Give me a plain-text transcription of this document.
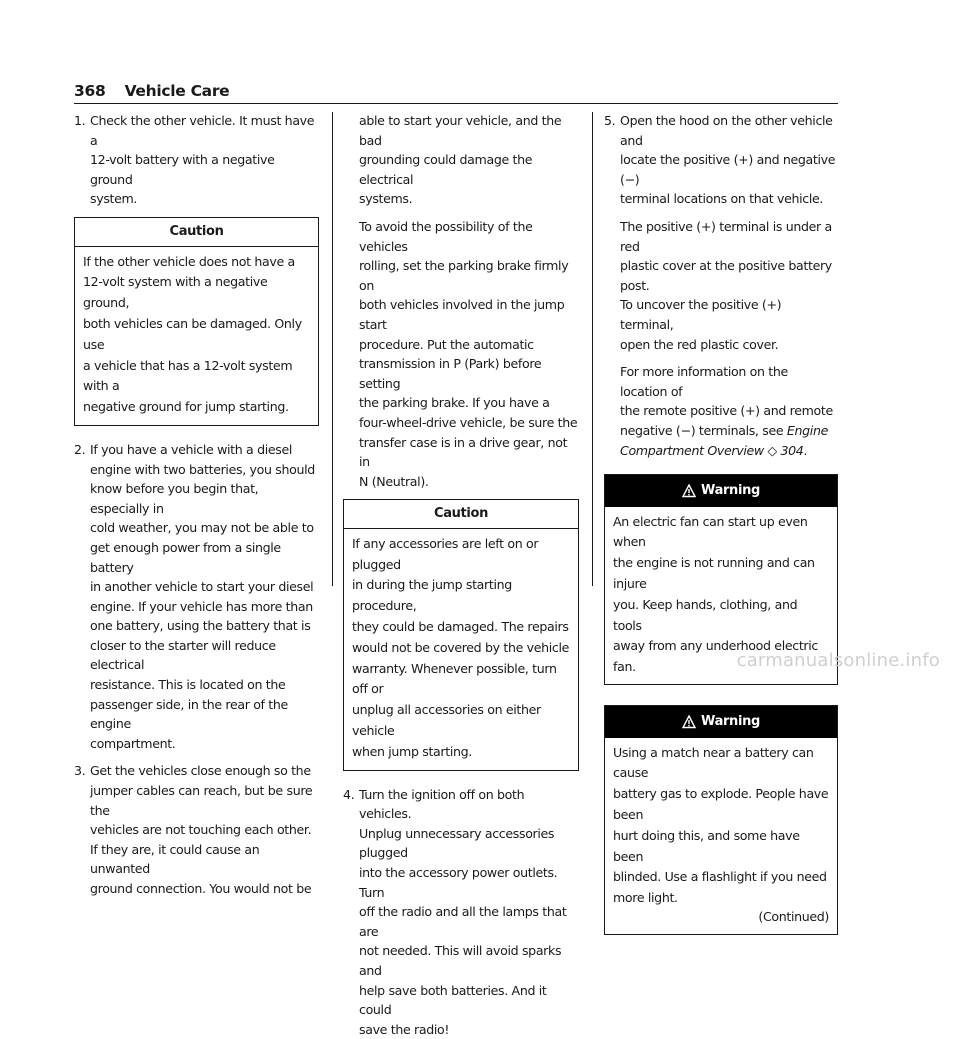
368 Vehicle Care
1. Check the other vehicle. It must have a

12-volt battery with a negative ground

system.

Caution
If the other vehicle does not have a
12-volt system with a negative ground,
both vehicles can be damaged. Only use
a vehicle that has a 12-volt system with a
negative ground for jump starting.
2. If you have a vehicle with a diesel

engine with two batteries, you should

know before you begin that, especially in

cold weather, you may not be able to

get enough power from a single battery

in another vehicle to start your diesel

engine. If your vehicle has more than

one battery, using the battery that is

closer to the starter will reduce electrical

resistance. This is located on the

passenger side, in the rear of the engine

compartment.

3. Get the vehicles close enough so the

jumper cables can reach, but be sure the

vehicles are not touching each other.

If they are, it could cause an unwanted

ground connection. You would not be

able to start your vehicle, and the bad

grounding could damage the electrical

systems.

To avoid the possibility of the vehicles

rolling, set the parking brake firmly on

both vehicles involved in the jump start

procedure. Put the automatic

transmission in P (Park) before setting

the parking brake. If you have a

four-wheel-drive vehicle, be sure the

transfer case is in a drive gear, not in

N (Neutral).

Caution
If any accessories are left on or plugged
in during the jump starting procedure,
they could be damaged. The repairs
would not be covered by the vehicle
warranty. Whenever possible, turn off or
unplug all accessories on either vehicle
when jump starting.
4. Turn the ignition off on both vehicles.

Unplug unnecessary accessories plugged

into the accessory power outlets. Turn

off the radio and all the lamps that are

not needed. This will avoid sparks and

help save both batteries. And it could

save the radio!

5. Open the hood on the other vehicle and

locate the positive (+) and negative (−)

terminal locations on that vehicle.

The positive (+) terminal is under a red

plastic cover at the positive battery post.

To uncover the positive (+) terminal,

open the red plastic cover.

For more information on the location of

the remote positive (+) and remote

negative (−) terminals, see Engine

Compartment Overview ◇ 304.

Warning
An electric fan can start up even when
the engine is not running and can injure
you. Keep hands, clothing, and tools
away from any underhood electric fan.
Warning
Using a match near a battery can cause
battery gas to explode. People have been
hurt doing this, and some have been
blinded. Use a flashlight if you need
more light.
(Continued)
carmanualsonline.info
